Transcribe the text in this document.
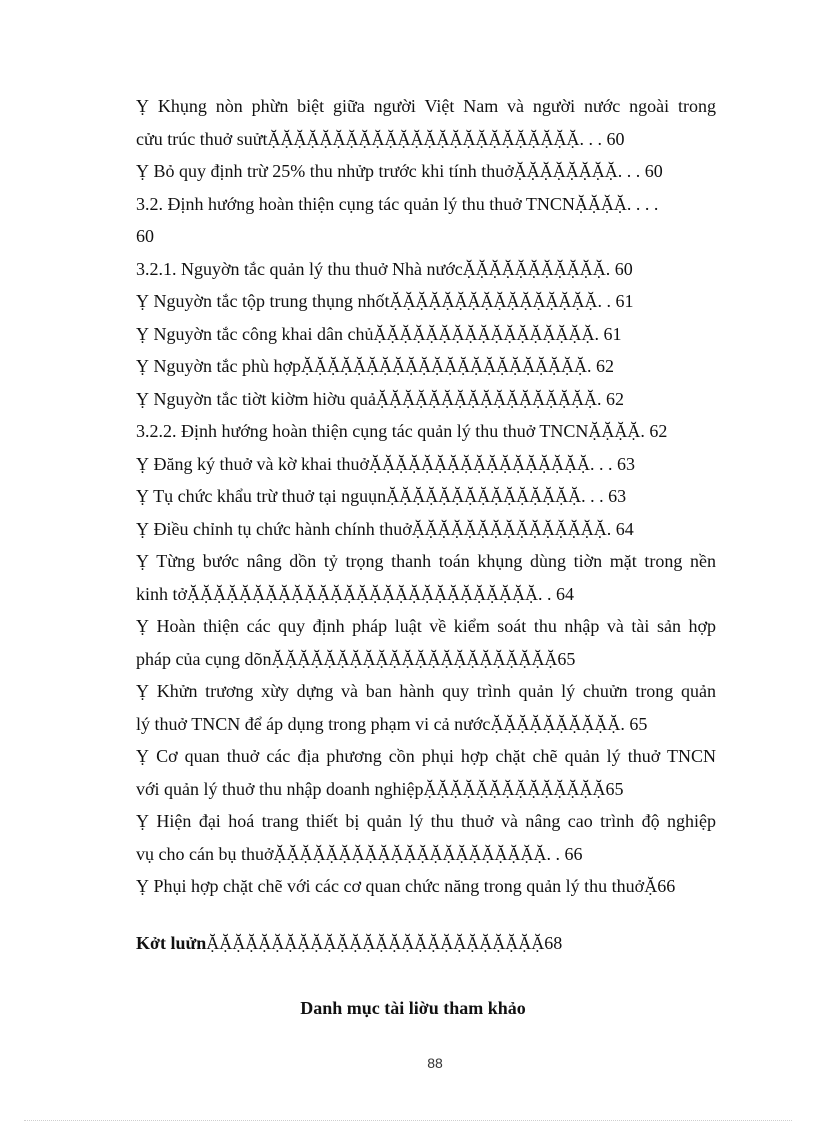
Ỵ Khụng nòn phừn biệt giữa người Việt Nam và người nước ngoài trong
cửu trúc thuở suửtẶẶẶẶẶẶẶẶẶẶẶẶẶẶẶẶẶẶẶẶẶẶẶẶ. . . 60
Ỵ Bỏ quy định trừ 25% thu nhửp trước khi tính thuởẶẶẶẶẶẶẶẶ. . . 60
3.2. Định hướng hoàn thiện cụng tác quản lý thu thuở TNCNẶẶẶẶ. . . .
60
3.2.1. Nguyờn tắc quản lý thu thuở Nhà nướcẶẶẶẶẶẶẶẶẶẶẶ. 60
Ỵ Nguyờn tắc tộp trung thụng nhốtẶẶẶẶẶẶẶẶẶẶẶẶẶẶẶẶ. . 61
Ỵ Nguyờn tắc công khai dân chủẶẶẶẶẶẶẶẶẶẶẶẶẶẶẶẶẶ. 61
Ỵ Nguyờn tắc phù hợpẶẶẶẶẶẶẶẶẶẶẶẶẶẶẶẶẶẶẶẶẶẶ. 62
Ỵ Nguyờn tắc tiờt kiờm hiờu quảẶẶẶẶẶẶẶẶẶẶẶẶẶẶẶẶẶ. 62
3.2.2. Định hướng hoàn thiện cụng tác quản lý thu thuở TNCNẶẶẶẶ. 62
Ỵ Đăng ký thuở và kờ khai thuởẶẶẶẶẶẶẶẶẶẶẶẶẶẶẶẶẶ. . . 63
Ỵ Tụ chức khẩu trừ thuở tại nguụnẶẶẶẶẶẶẶẶẶẶẶẶẶẶẶ. . . 63
Ỵ Điều chỉnh tụ chức hành chính thuởẶẶẶẶẶẶẶẶẶẶẶẶẶẶẶ. 64
Ỵ Từng bước nâng dồn tỷ trọng thanh toán khụng dùng tiờn mặt trong nền
kinh tởẶẶẶẶẶẶẶẶẶẶẶẶẶẶẶẶẶẶẶẶẶẶẶẶẶẶẶ. . 64
Ỵ Hoàn thiện các quy định pháp luật về kiểm soát thu nhập và tài sản hợp
pháp của cụng dõnẶẶẶẶẶẶẶẶẶẶẶẶẶẶẶẶẶẶẶẶẶẶ65
Ỵ Khửn trương xừy dựng và ban hành quy trình quản lý chuửn trong quản
lý thuở TNCN để áp dụng trong phạm vi cả nướcẶẶẶẶẶẶẶẶẶẶ. 65
Ỵ Cơ quan thuở các địa phương cồn phụi hợp chặt chẽ quản lý thuở TNCN
với quản lý thuở thu nhập doanh nghiệpẶẶẶẶẶẶẶẶẶẶẶẶẶẶ65
Ỵ Hiện đại hoá trang thiết bị quản lý thu thuở và nâng cao trình độ nghiệp
vụ cho cán bụ thuởẶẶẶẶẶẶẶẶẶẶẶẶẶẶẶẶẶẶẶẶẶ. . 66
Ỵ Phụi hợp chặt chẽ với các cơ quan chức năng trong quản lý thu thuởẶ66
Kởt luửnẶẶẶẶẶẶẶẶẶẶẶẶẶẶẶẶẶẶẶẶẶẶẶẶẶẶ68
Danh mục tài liờu tham khảo
88
